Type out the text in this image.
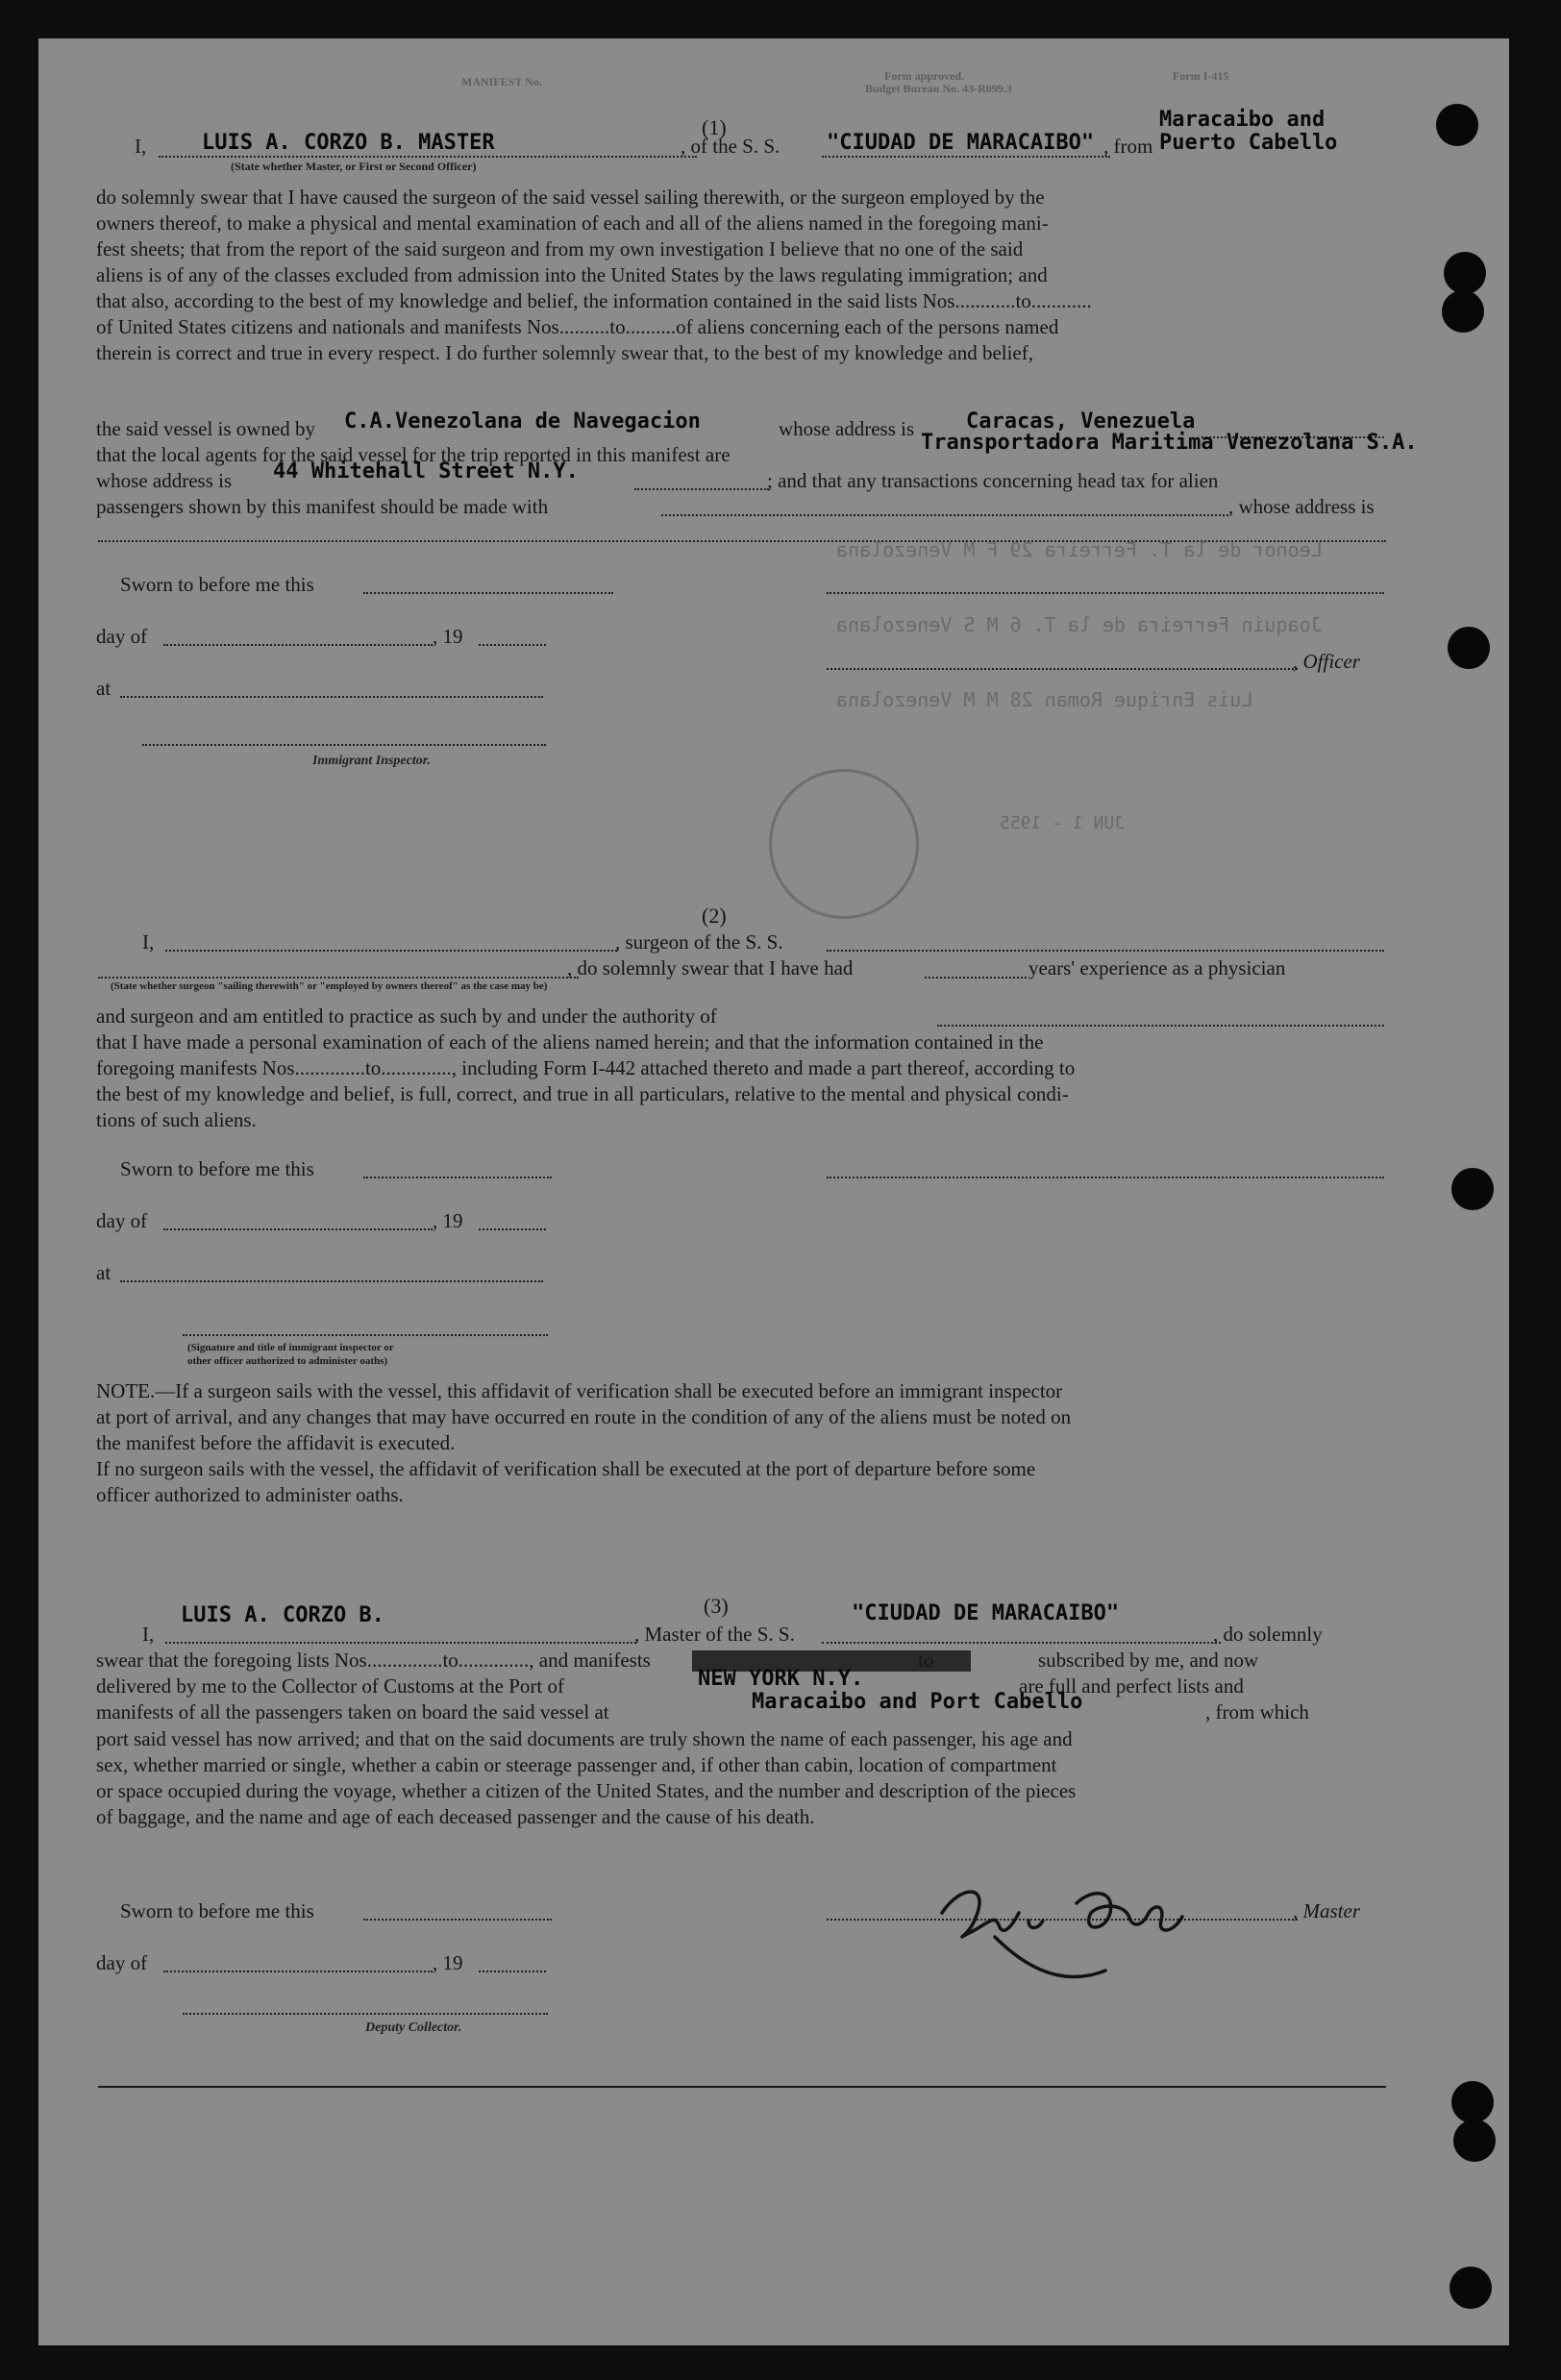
MANIFEST No.	Budget Bureau No. 43-R099.3
Form approved.	Form I-415
(1)
I,	LUIS A. CORZO B. MASTER	, of the S. S. "CIUDAD DE MARACAIBO" , from
Maracaibo and
Puerto Cabello
(State whether Master, or First or Second Officer)

do solemnly swear that I have caused the surgeon of the said vessel sailing therewith, or the surgeon employed by the

owners thereof, to make a physical and mental examination of each and all of the aliens named in the foregoing mani-

fest sheets; that from the report of the said surgeon and from my own investigation I believe that no one of the said

aliens is of any of the classes excluded from admission into the United States by the laws regulating immigration; and

that also, according to the best of my knowledge and belief, the information contained in the said lists Nos............to............

of United States citizens and nationals and manifests Nos..........to..........of aliens concerning each of the persons named

therein is correct and true in every respect. I do further solemnly swear that, to the best of my knowledge and belief,

the said vessel is owned by C.A.Venezolana de Navegacion	whose address is Caracas, Venezuela
that the local agents for the said vessel for the trip reported in this manifest are	Transportadora Maritima Venezolana S.A.
whose address is 44 Whitehall Street N.Y.	; and that any transactions concerning head tax for alien
passengers shown by this manifest should be made with	, whose address is
Leonor de la T. Ferreira 29 F M Venezolana
Joaquin Ferreira de la T. 6 M S Venezolana
Luis Enrique Roman 28 M M Venezolana
JUN 1 - 1955
Sworn to before me this
day of	, 19
, Officer
at
Immigrant Inspector.
(2)
I,	, surgeon of the S. S.
, do solemnly swear that I have had	years' experience as a physician
(State whether surgeon "sailing therewith" or "employed by owners thereof" as the case may be)

and surgeon and am entitled to practice as such by and under the authority of

that I have made a personal examination of each of the aliens named herein; and that the information contained in the

foregoing manifests Nos..............to.............., including Form I-442 attached thereto and made a part thereof, according to

the best of my knowledge and belief, is full, correct, and true in all particulars, relative to the mental and physical condi-

tions of such aliens.

Sworn to before me this
day of	, 19
at
(Signature and title of immigrant inspector or
other officer authorized to administer oaths)

NOTE.—If a surgeon sails with the vessel, this affidavit of verification shall be executed before an immigrant inspector

at port of arrival, and any changes that may have occurred en route in the condition of any of the aliens must be noted on

the manifest before the affidavit is executed.

If no surgeon sails with the vessel, the affidavit of verification shall be executed at the port of departure before some

officer authorized to administer oaths.

(3)
LUIS A. CORZO B.	"CIUDAD DE MARACAIBO"
I,	, Master of the S. S.	, do solemnly
swear that the foregoing lists Nos...............to.............., and manifests	to	subscribed by me, and now
delivered by me to the Collector of Customs at the Port of	NEW YORK N.Y.	are full and perfect lists and
manifests of all the passengers taken on board the said vessel at	Maracaibo and Port Cabello	, from which

port said vessel has now arrived; and that on the said documents are truly shown the name of each passenger, his age and

sex, whether married or single, whether a cabin or steerage passenger and, if other than cabin, location of compartment

or space occupied during the voyage, whether a citizen of the United States, and the number and description of the pieces

of baggage, and the name and age of each deceased passenger and the cause of his death.

Sworn to before me this	, Master
day of	, 19
Deputy Collector.
